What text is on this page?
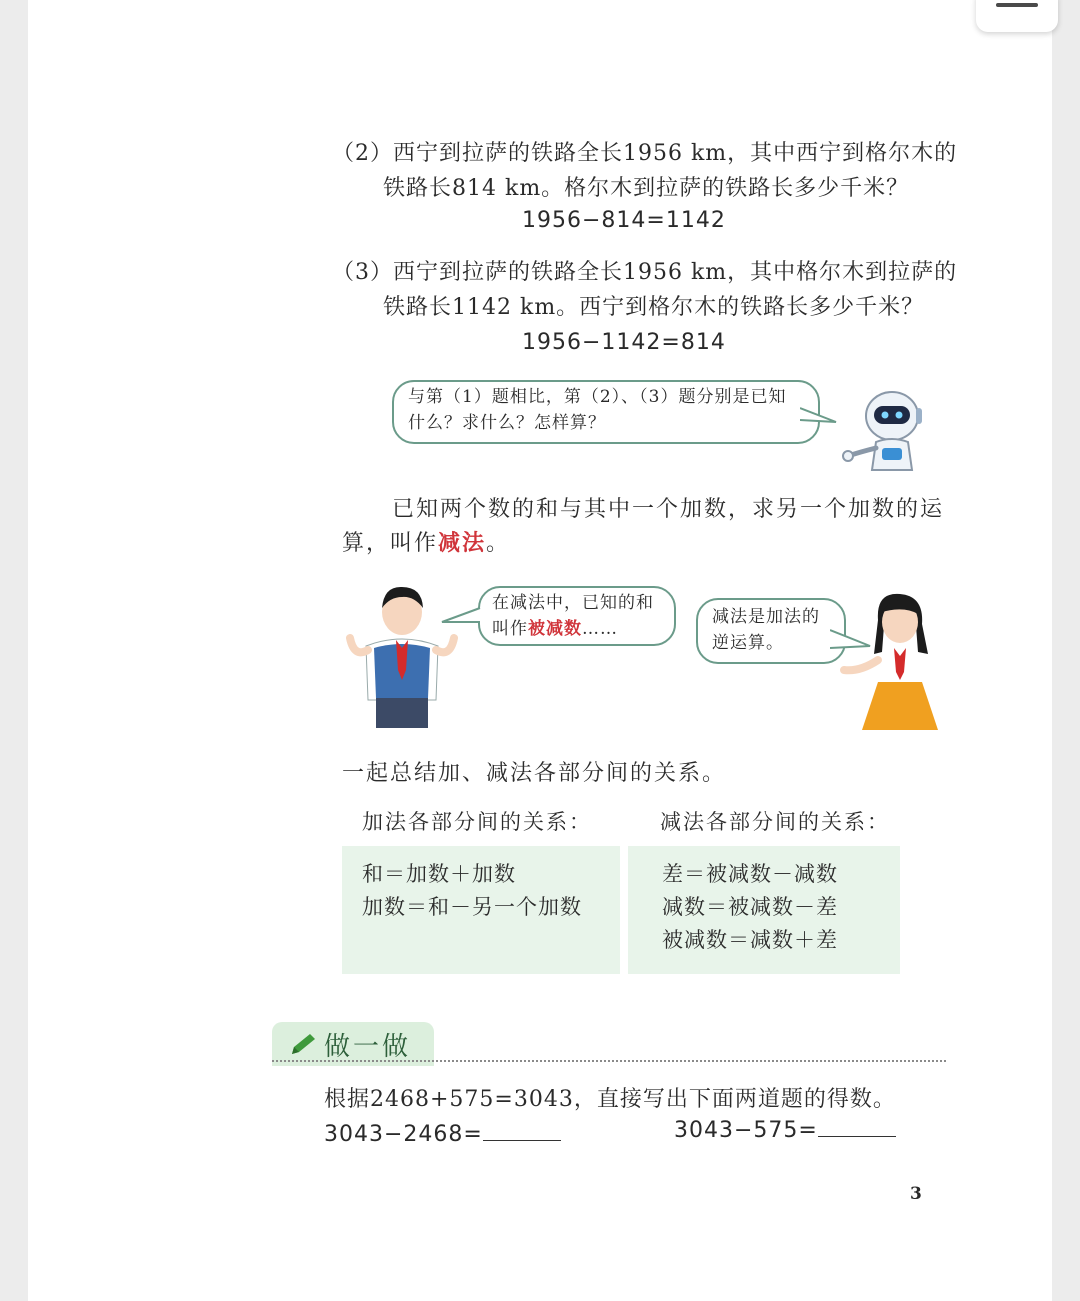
（2）西宁到拉萨的铁路全长1956 km，其中西宁到格尔木的
铁路长814 km。格尔木到拉萨的铁路长多少千米？
1956−814=1142
（3）西宁到拉萨的铁路全长1956 km，其中格尔木到拉萨的
铁路长1142 km。西宁到格尔木的铁路长多少千米？
1956−1142=814
与第（1）题相比，第（2）、（3）题分别是已知
什么？求什么？怎样算？
已知两个数的和与其中一个加数，求另一个加数的运
算，叫作减法。
在减法中，已知的和
叫作被减数……
减法是加法的
逆运算。
一起总结加、减法各部分间的关系。
加法各部分间的关系：
和＝加数＋加数
加数＝和－另一个加数
减法各部分间的关系：
差＝被减数－减数
减数＝被减数－差
被减数＝减数＋差
做一做
根据2468+575=3043，直接写出下面两道题的得数。
3043−2468=	3043−575=
3
